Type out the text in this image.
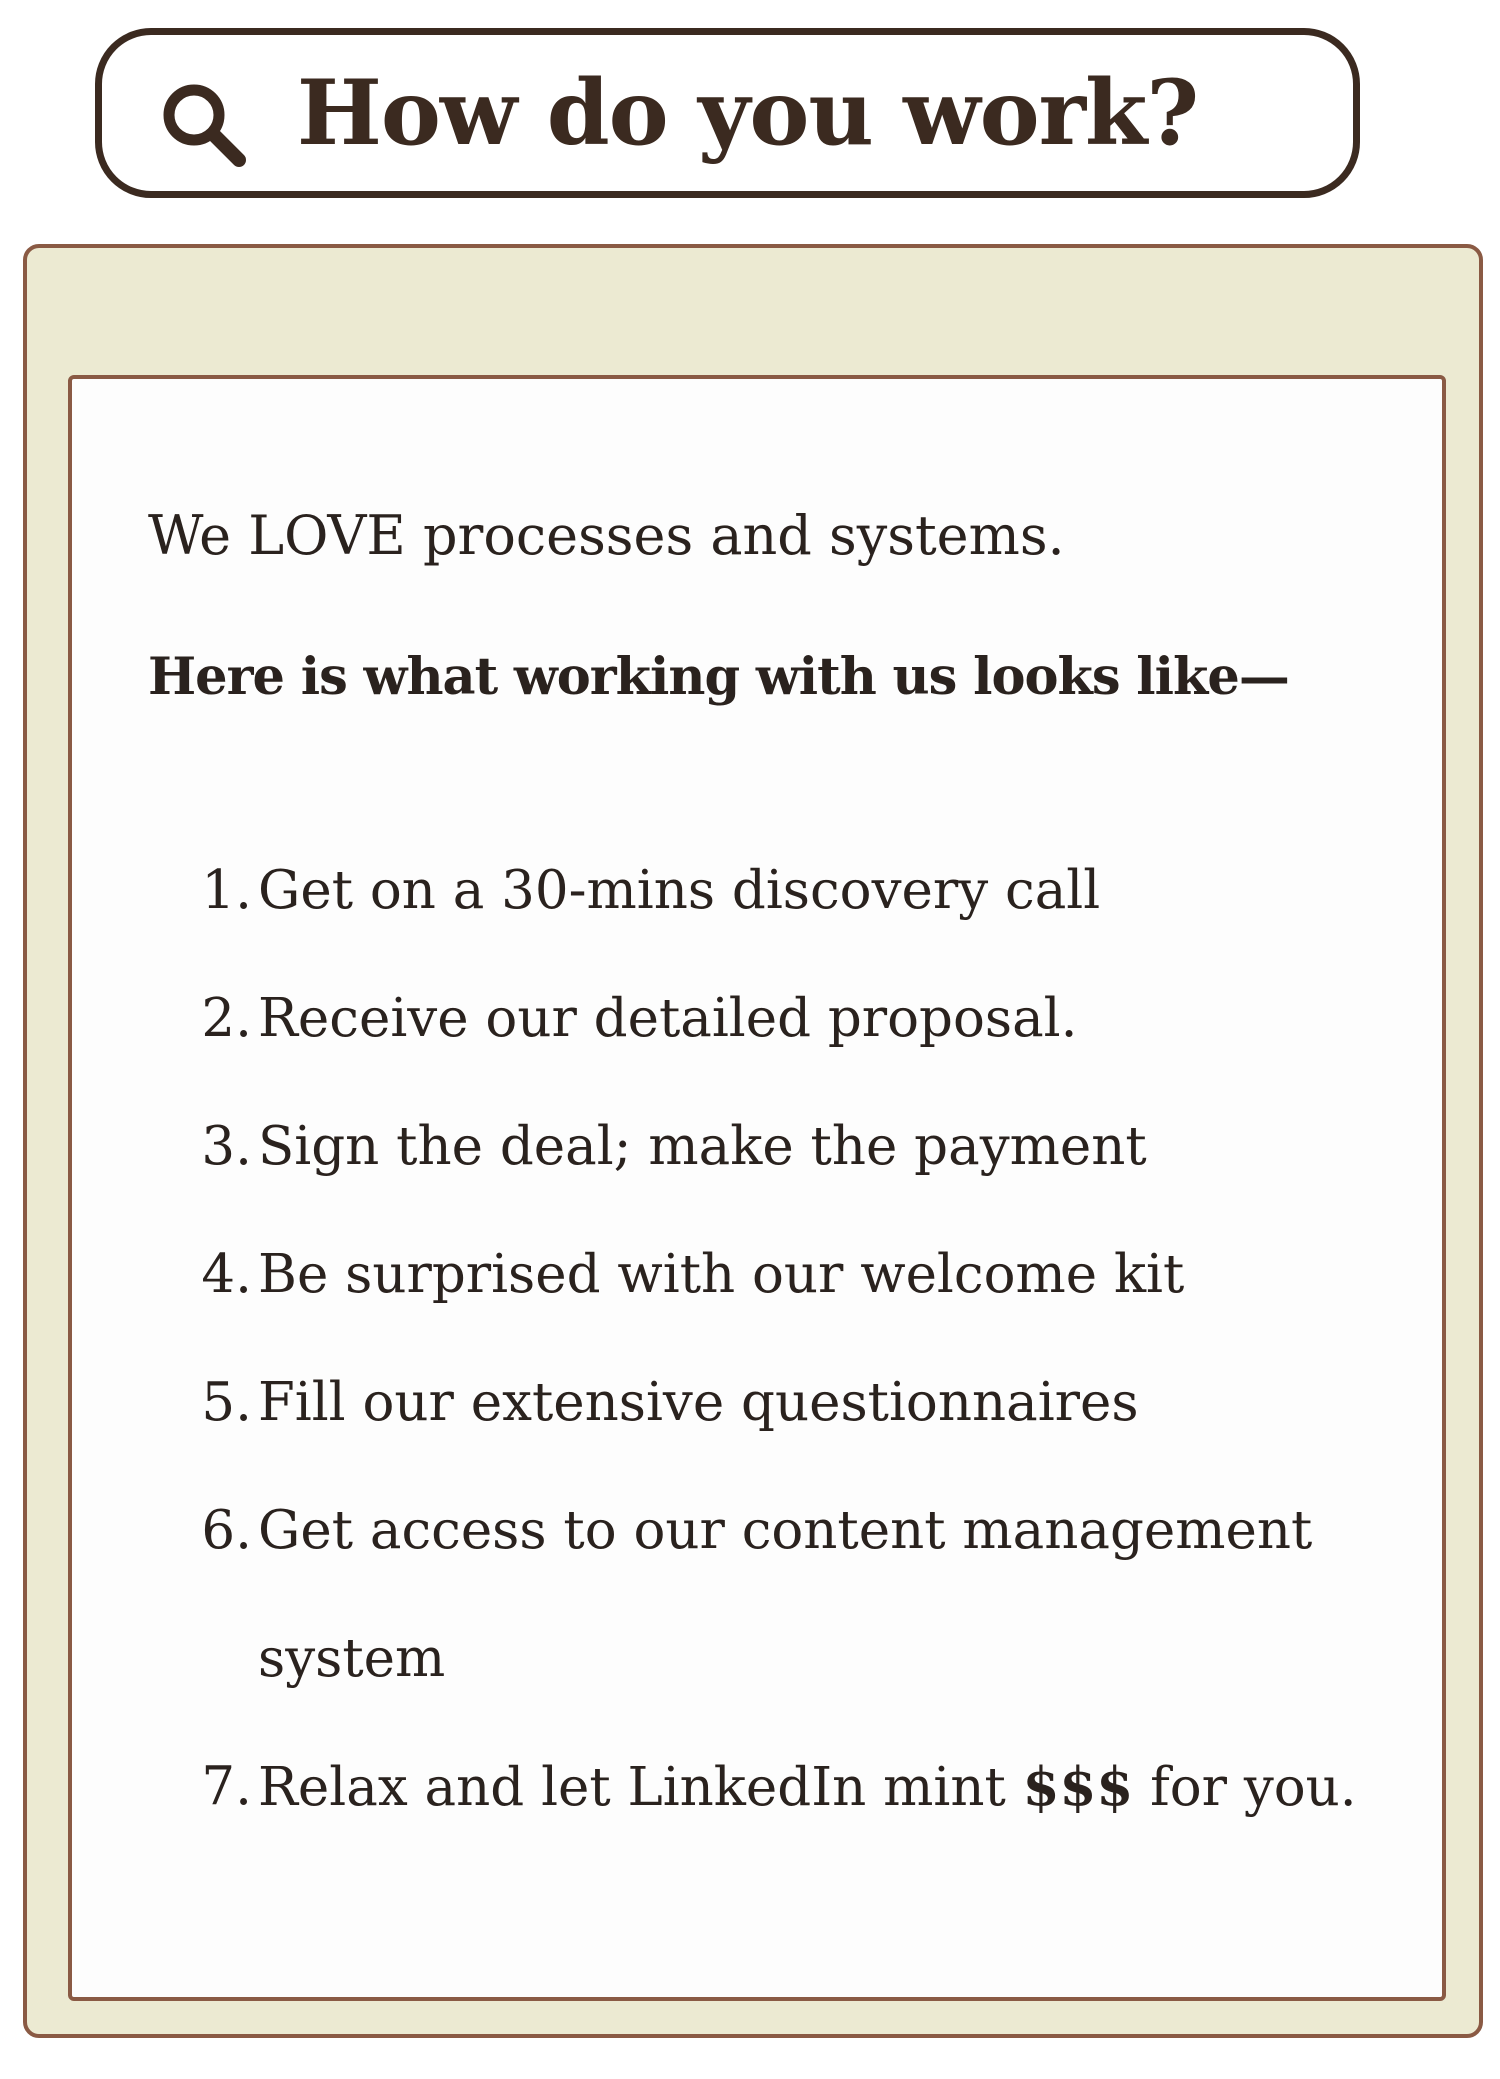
How do you work?

We LOVE processes and systems.

Here is what working with us looks like—

1. Get on a 30-mins discovery call
2. Receive our detailed proposal.
3. Sign the deal; make the payment
4. Be surprised with our welcome kit
5. Fill our extensive questionnaires
6. Get access to our content management system
7. Relax and let LinkedIn mint $$$ for you.
